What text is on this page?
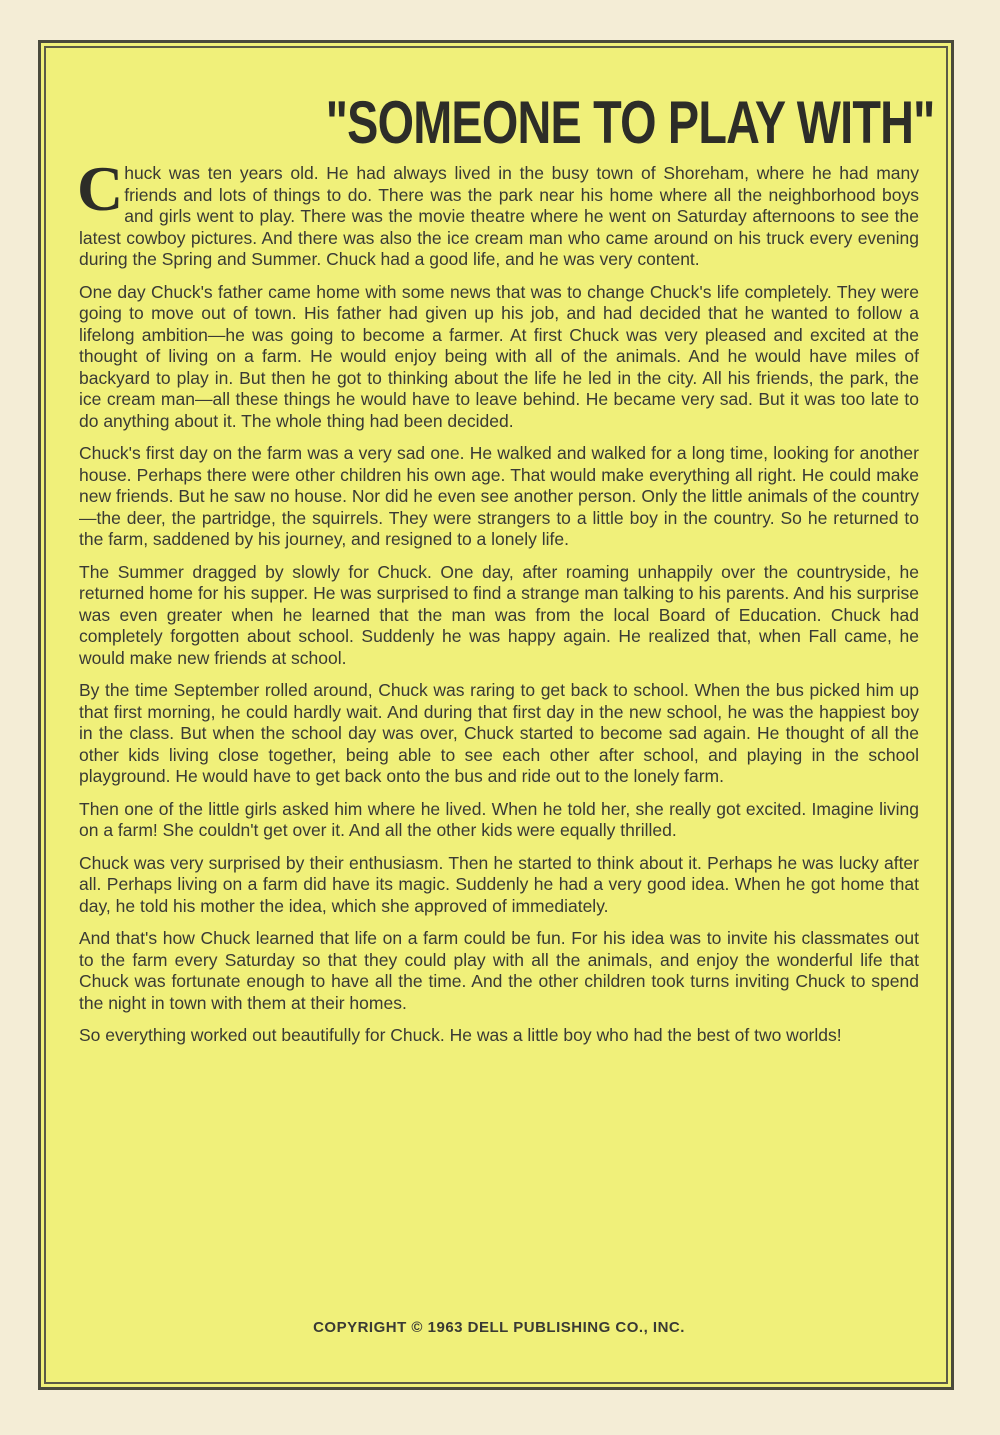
"SOMEONE TO PLAY WITH"

Chuck was ten years old. He had always lived in the busy town of Shoreham, where he had many friends and lots of things to do. There was the park near his home where all the neighborhood boys and girls went to play. There was the movie theatre where he went on Saturday afternoons to see the latest cowboy pictures. And there was also the ice cream man who came around on his truck every evening during the Spring and Summer. Chuck had a good life, and he was very content.

One day Chuck's father came home with some news that was to change Chuck's life completely. They were going to move out of town. His father had given up his job, and had decided that he wanted to follow a lifelong ambition—he was going to become a farmer. At first Chuck was very pleased and excited at the thought of living on a farm. He would enjoy being with all of the animals. And he would have miles of backyard to play in. But then he got to thinking about the life he led in the city. All his friends, the park, the ice cream man—all these things he would have to leave behind. He became very sad. But it was too late to do anything about it. The whole thing had been decided.

Chuck's first day on the farm was a very sad one. He walked and walked for a long time, looking for another house. Perhaps there were other children his own age. That would make everything all right. He could make new friends. But he saw no house. Nor did he even see another person. Only the little animals of the country—the deer, the partridge, the squirrels. They were strangers to a little boy in the country. So he returned to the farm, saddened by his journey, and resigned to a lonely life.

The Summer dragged by slowly for Chuck. One day, after roaming unhappily over the countryside, he returned home for his supper. He was surprised to find a strange man talking to his parents. And his surprise was even greater when he learned that the man was from the local Board of Education. Chuck had completely forgotten about school. Suddenly he was happy again. He realized that, when Fall came, he would make new friends at school.

By the time September rolled around, Chuck was raring to get back to school. When the bus picked him up that first morning, he could hardly wait. And during that first day in the new school, he was the happiest boy in the class. But when the school day was over, Chuck started to become sad again. He thought of all the other kids living close together, being able to see each other after school, and playing in the school playground. He would have to get back onto the bus and ride out to the lonely farm.

Then one of the little girls asked him where he lived. When he told her, she really got excited. Imagine living on a farm! She couldn't get over it. And all the other kids were equally thrilled.

Chuck was very surprised by their enthusiasm. Then he started to think about it. Perhaps he was lucky after all. Perhaps living on a farm did have its magic. Suddenly he had a very good idea. When he got home that day, he told his mother the idea, which she approved of immediately.

And that's how Chuck learned that life on a farm could be fun. For his idea was to invite his classmates out to the farm every Saturday so that they could play with all the animals, and enjoy the wonderful life that Chuck was fortunate enough to have all the time. And the other children took turns inviting Chuck to spend the night in town with them at their homes.

So everything worked out beautifully for Chuck. He was a little boy who had the best of two worlds!

COPYRIGHT © 1963 DELL PUBLISHING CO., INC.
